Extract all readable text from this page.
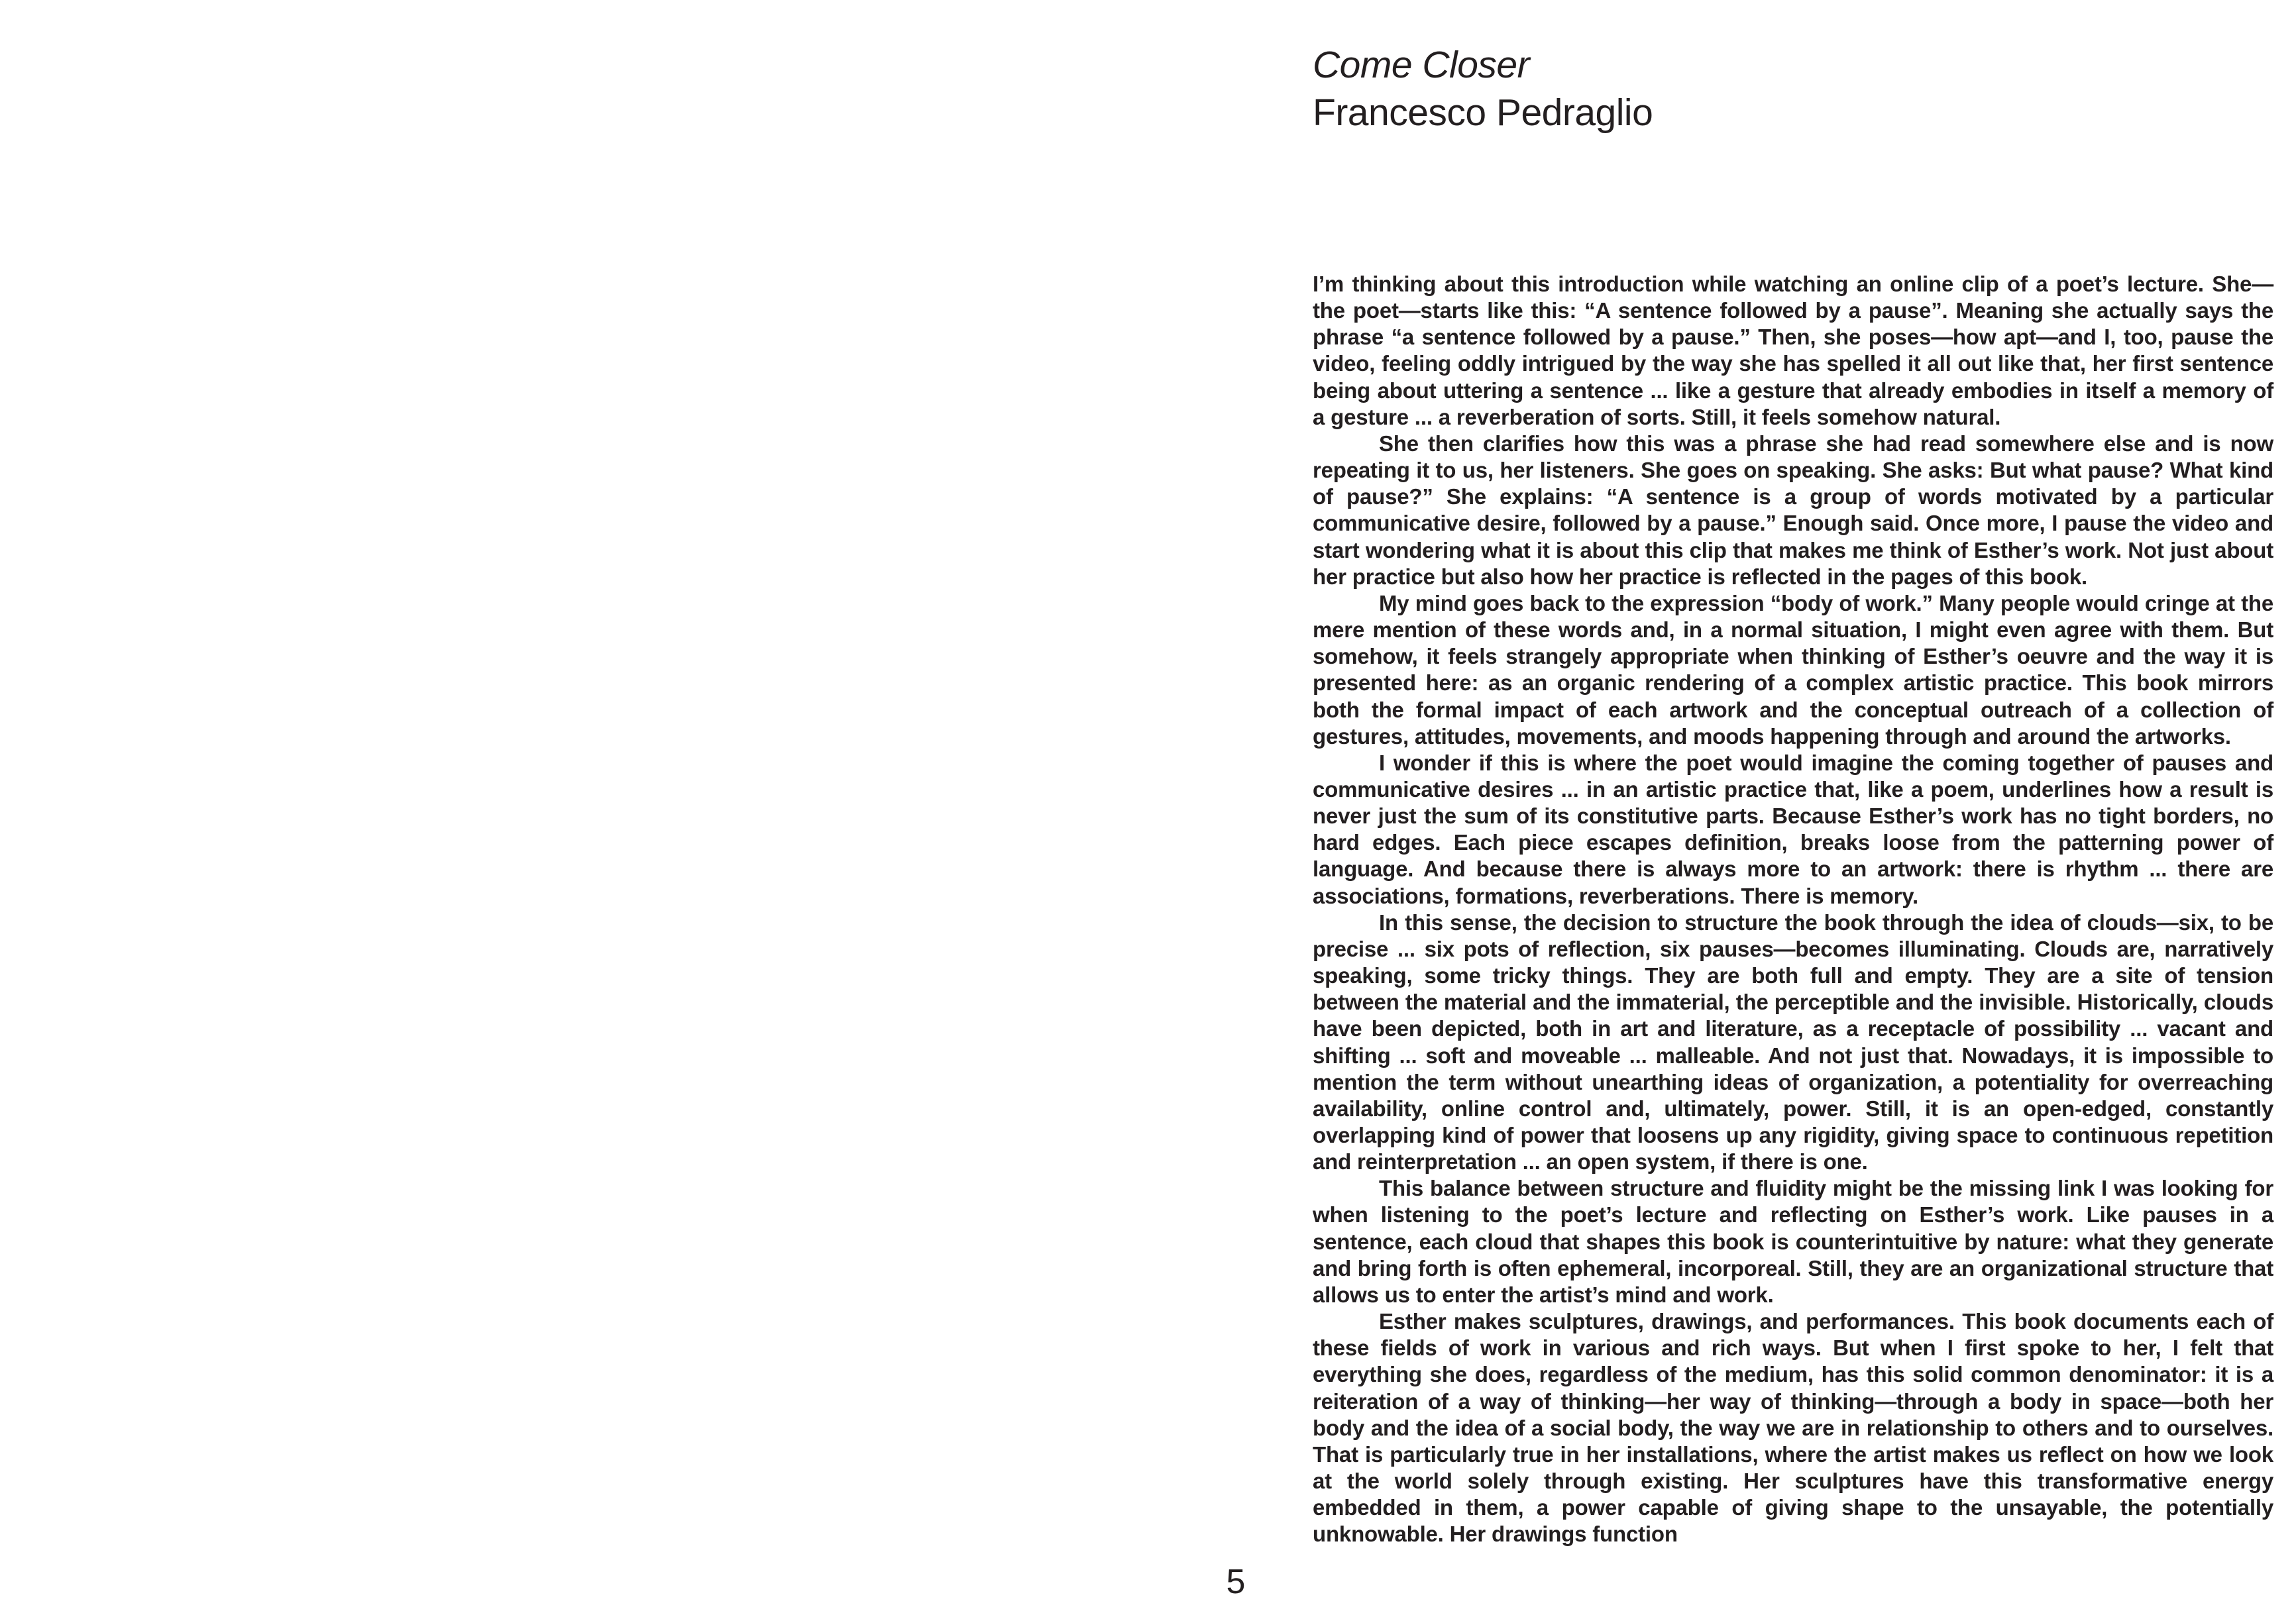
Come Closer
Francesco Pedraglio

I’m thinking about this introduction while watching an online clip of a poet’s lecture. She—the poet—starts like this: “A sentence followed by a pause”. Meaning she actually says the phrase “a sentence followed by a pause.” Then, she poses—how apt—and I, too, pause the video, feeling oddly intrigued by the way she has spelled it all out like that, her first sentence being about uttering a sentence ... like a gesture that already embodies in itself a memory of a gesture ... a reverberation of sorts. Still, it feels somehow natural.

She then clarifies how this was a phrase she had read somewhere else and is now repeating it to us, her listeners. She goes on speaking. She asks: But what pause? What kind of pause?” She explains: “A sentence is a group of words motivated by a particular communicative desire, followed by a pause.” Enough said. Once more, I pause the video and start wondering what it is about this clip that makes me think of Esther’s work. Not just about her practice but also how her practice is reflected in the pages of this book.

My mind goes back to the expression “body of work.” Many people would cringe at the mere mention of these words and, in a normal situation, I might even agree with them. But somehow, it feels strangely appropriate when thinking of Esther’s oeuvre and the way it is presented here: as an organic rendering of a complex artistic practice. This book mirrors both the formal impact of each artwork and the conceptual outreach of a collection of gestures, attitudes, movements, and moods happening through and around the artworks.

I wonder if this is where the poet would imagine the coming together of pauses and communicative desires ... in an artistic practice that, like a poem, underlines how a result is never just the sum of its constitutive parts. Because Esther’s work has no tight borders, no hard edges. Each piece escapes definition, breaks loose from the patterning power of language. And because there is always more to an artwork: there is rhythm ... there are associations, formations, reverberations. There is memory.

In this sense, the decision to structure the book through the idea of clouds—six, to be precise ... six pots of reflection, six pauses—becomes illuminating. Clouds are, narratively speaking, some tricky things. They are both full and empty. They are a site of tension between the material and the immaterial, the perceptible and the invisible. Historically, clouds have been depicted, both in art and literature, as a receptacle of possibility ... vacant and shifting ... soft and moveable ... malleable. And not just that. Nowadays, it is impossible to mention the term without unearthing ideas of organization, a potentiality for overreaching availability, online control and, ultimately, power. Still, it is an open-edged, constantly overlapping kind of power that loosens up any rigidity, giving space to continuous repetition and reinterpretation ... an open system, if there is one.

This balance between structure and fluidity might be the missing link I was looking for when listening to the poet’s lecture and reflecting on Esther’s work. Like pauses in a sentence, each cloud that shapes this book is counterintuitive by nature: what they generate and bring forth is often ephemeral, incorporeal. Still, they are an organizational structure that allows us to enter the artist’s mind and work.

Esther makes sculptures, drawings, and performances. This book documents each of these fields of work in various and rich ways. But when I first spoke to her, I felt that everything she does, regardless of the medium, has this solid common denominator: it is a reiteration of a way of thinking—her way of thinking—through a body in space—both her body and the idea of a social body, the way we are in relationship to others and to ourselves. That is particularly true in her installations, where the artist makes us reflect on how we look at the world solely through existing. Her sculptures have this transformative energy embedded in them, a power capable of giving shape to the unsayable, the potentially unknowable. Her drawings function

5
